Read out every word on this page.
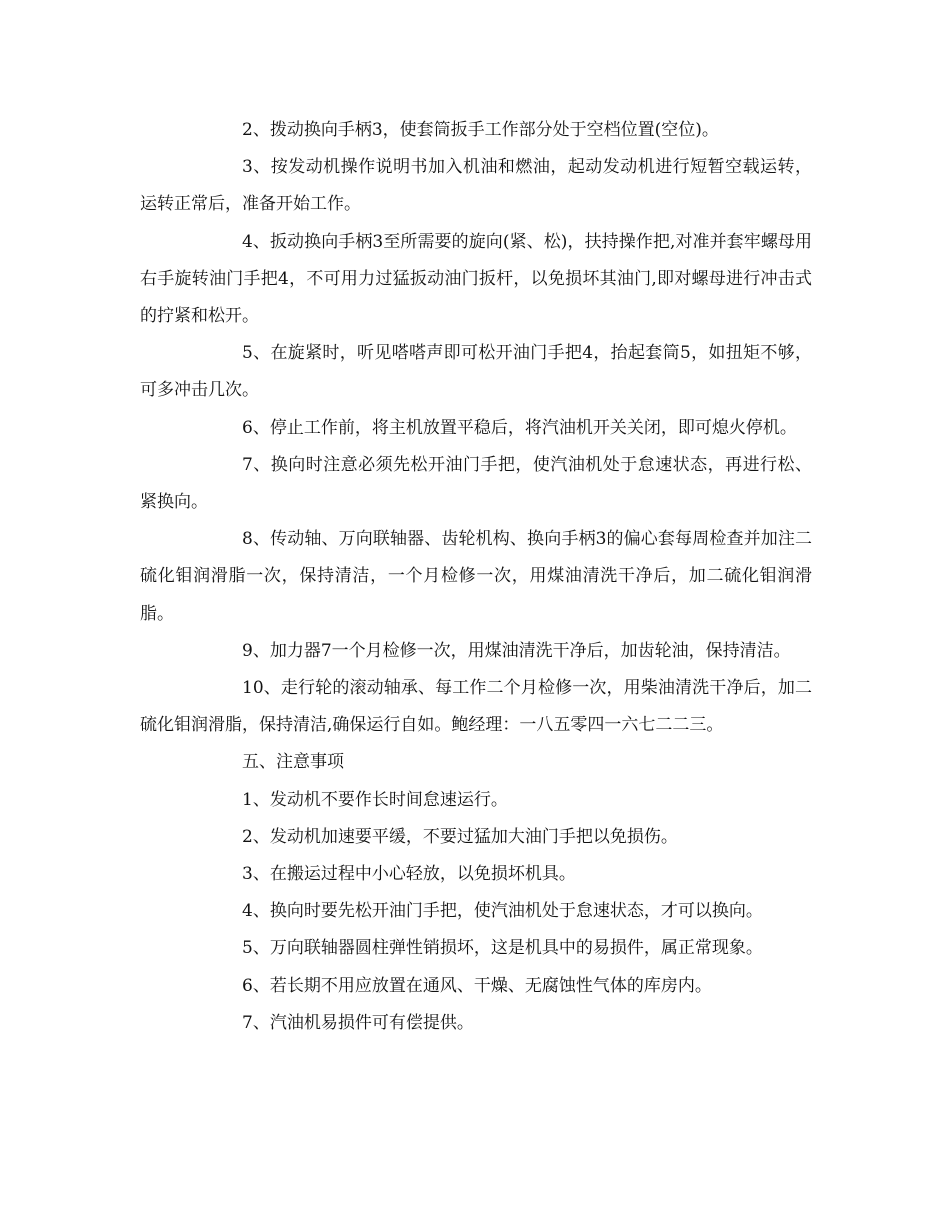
2、拨动换向手柄3，使套筒扳手工作部分处于空档位置(空位)。

3、按发动机操作说明书加入机油和燃油，起动发动机进行短暂空载运转，运转正常后，准备开始工作。

4、扳动换向手柄3至所需要的旋向(紧、松)，扶持操作把,对准并套牢螺母用右手旋转油门手把4，不可用力过猛扳动油门扳杆，以免损坏其油门,即对螺母进行冲击式的拧紧和松开。

5、在旋紧时，听见嗒嗒声即可松开油门手把4，抬起套筒5，如扭矩不够，可多冲击几次。

6、停止工作前，将主机放置平稳后，将汽油机开关关闭，即可熄火停机。

7、换向时注意必须先松开油门手把，使汽油机处于怠速状态，再进行松、紧换向。

8、传动轴、万向联轴器、齿轮机构、换向手柄3的偏心套每周检查并加注二硫化钼润滑脂一次，保持清洁，一个月检修一次，用煤油清洗干净后，加二硫化钼润滑脂。

9、加力器7一个月检修一次，用煤油清洗干净后，加齿轮油，保持清洁。

10、走行轮的滚动轴承、每工作二个月检修一次，用柴油清洗干净后，加二硫化钼润滑脂，保持清洁,确保运行自如。鲍经理：一八五零四一六七二二三。

五、注意事项

1、发动机不要作长时间怠速运行。

2、发动机加速要平缓，不要过猛加大油门手把以免损伤。

3、在搬运过程中小心轻放，以免损坏机具。

4、换向时要先松开油门手把，使汽油机处于怠速状态，才可以换向。

5、万向联轴器圆柱弹性销损坏，这是机具中的易损件，属正常现象。

6、若长期不用应放置在通风、干燥、无腐蚀性气体的库房内。

7、汽油机易损件可有偿提供。
